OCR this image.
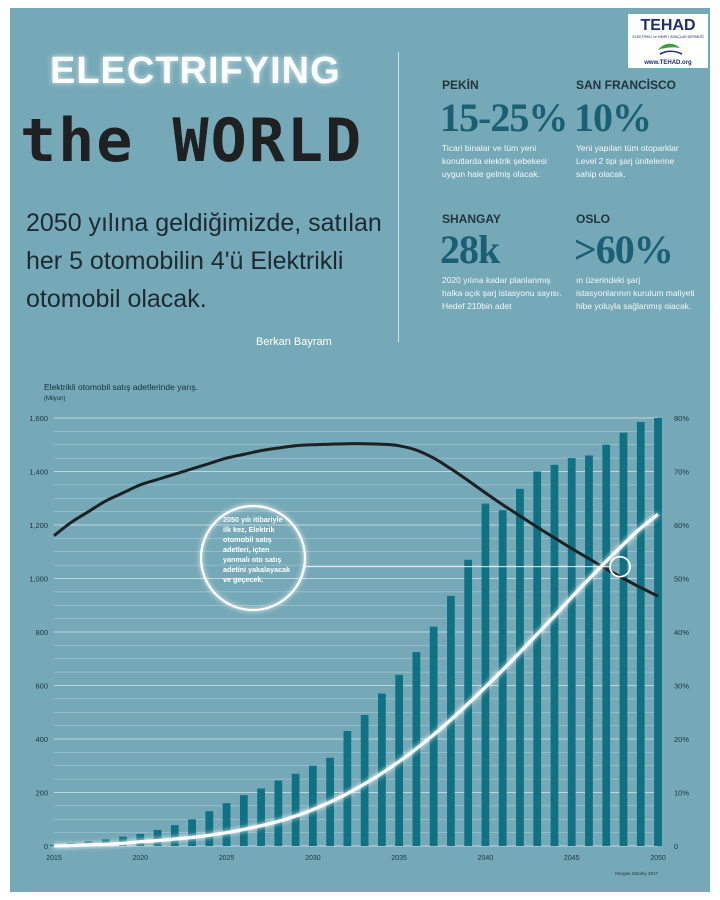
TEHAD
ELEKTRİKLİ ve HİBRİT ARAÇLAR DERNEĞİ
www.TEHAD.org
ELECTRIFYING
the WORLD
2050 yılına geldiğimizde, satılan her 5 otomobilin 4'ü Elektrikli otomobil olacak.
Berkan Bayram
PEKİN
15-25%
Ticari binalar ve tüm yeni konutlarda elektrik şebekesi uygun hale gelmiş olacak.
SAN FRANCİSCO
10%
Yeni yapılan tüm otoparklar Level 2 tipi şarj ünitelerine sahip olacak.
SHANGAY
28k
2020 yılına kadar planlanmış halka açık şarj istasyonu sayısı. Hedef 210bin adet
OSLO
>60%
ın üzerindeki şarj istasyonlarının kurulum maliyeti hibe yoluyla sağlanmış olacak.
Elektrikli otomobil satış adetlerinde yarış.
(Milyon)
0
200
400
600
800
1,000
1,200
1,400
1,600
0
10%
20%
30%
40%
50%
60%
70%
80%
2015	2020	2025	2030	2035	2040	2045	2050
2050 yılı itibariyle
ilk kez, Elektrik
otomobil satış
adetleri, içten
yanmalı oto satış
adetini yakalayacak
ve geçecek.
Morgan Stanley 2017
